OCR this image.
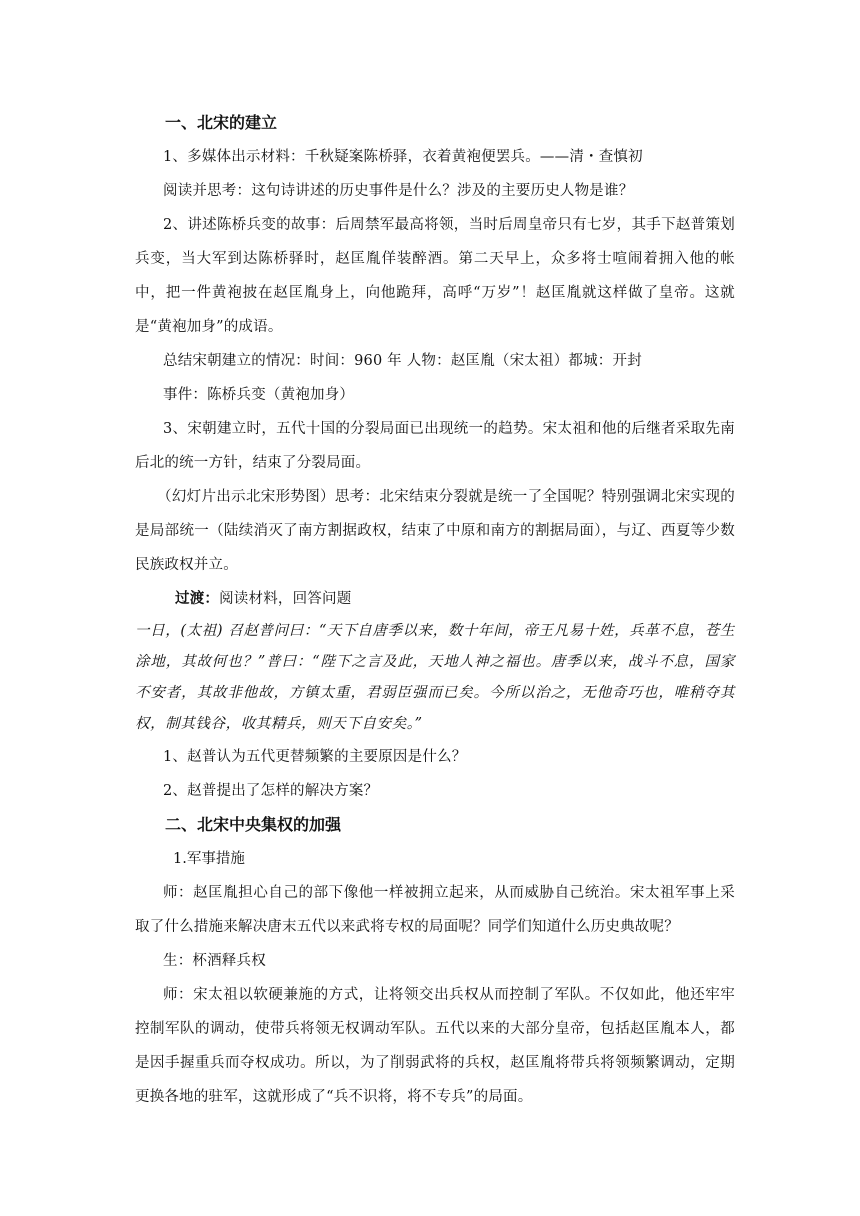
一、北宋的建立

1、多媒体出示材料：千秋疑案陈桥驿，衣着黄袍便罢兵。——清・查慎初

阅读并思考：这句诗讲述的历史事件是什么？涉及的主要历史人物是谁？

2、讲述陈桥兵变的故事：后周禁军最高将领，当时后周皇帝只有七岁，其手下赵普策划兵变，当大军到达陈桥驿时，赵匡胤佯装醉酒。第二天早上，众多将士喧闹着拥入他的帐中，把一件黄袍披在赵匡胤身上，向他跪拜，高呼“万岁”！赵匡胤就这样做了皇帝。这就是“黄袍加身”的成语。

总结宋朝建立的情况：时间：960 年 人物：赵匡胤（宋太祖）都城：开封

事件：陈桥兵变（黄袍加身）

3、宋朝建立时，五代十国的分裂局面已出现统一的趋势。宋太祖和他的后继者采取先南后北的统一方针，结束了分裂局面。

（幻灯片出示北宋形势图）思考：北宋结束分裂就是统一了全国呢？特别强调北宋实现的是局部统一（陆续消灭了南方割据政权，结束了中原和南方的割据局面），与辽、西夏等少数民族政权并立。

过渡：阅读材料，回答问题

一日，(太祖) 召赵普问曰：“天下自唐季以来，数十年间，帝王凡易十姓，兵革不息，苍生涂地，其故何也？”普曰：“陛下之言及此，天地人神之福也。唐季以来，战斗不息，国家不安者，其故非他故，方镇太重，君弱臣强而已矣。今所以治之，无他奇巧也，唯稍夺其权，制其钱谷，收其精兵，则天下自安矣。”

1、赵普认为五代更替频繁的主要原因是什么？

2、赵普提出了怎样的解决方案？

二、北宋中央集权的加强

1.军事措施

师：赵匡胤担心自己的部下像他一样被拥立起来，从而威胁自己统治。宋太祖军事上采取了什么措施来解决唐末五代以来武将专权的局面呢？同学们知道什么历史典故呢？

生：杯酒释兵权

师：宋太祖以软硬兼施的方式，让将领交出兵权从而控制了军队。不仅如此，他还牢牢控制军队的调动，使带兵将领无权调动军队。五代以来的大部分皇帝，包括赵匡胤本人，都是因手握重兵而夺权成功。所以，为了削弱武将的兵权，赵匡胤将带兵将领频繁调动，定期更换各地的驻军，这就形成了“兵不识将，将不专兵”的局面。
